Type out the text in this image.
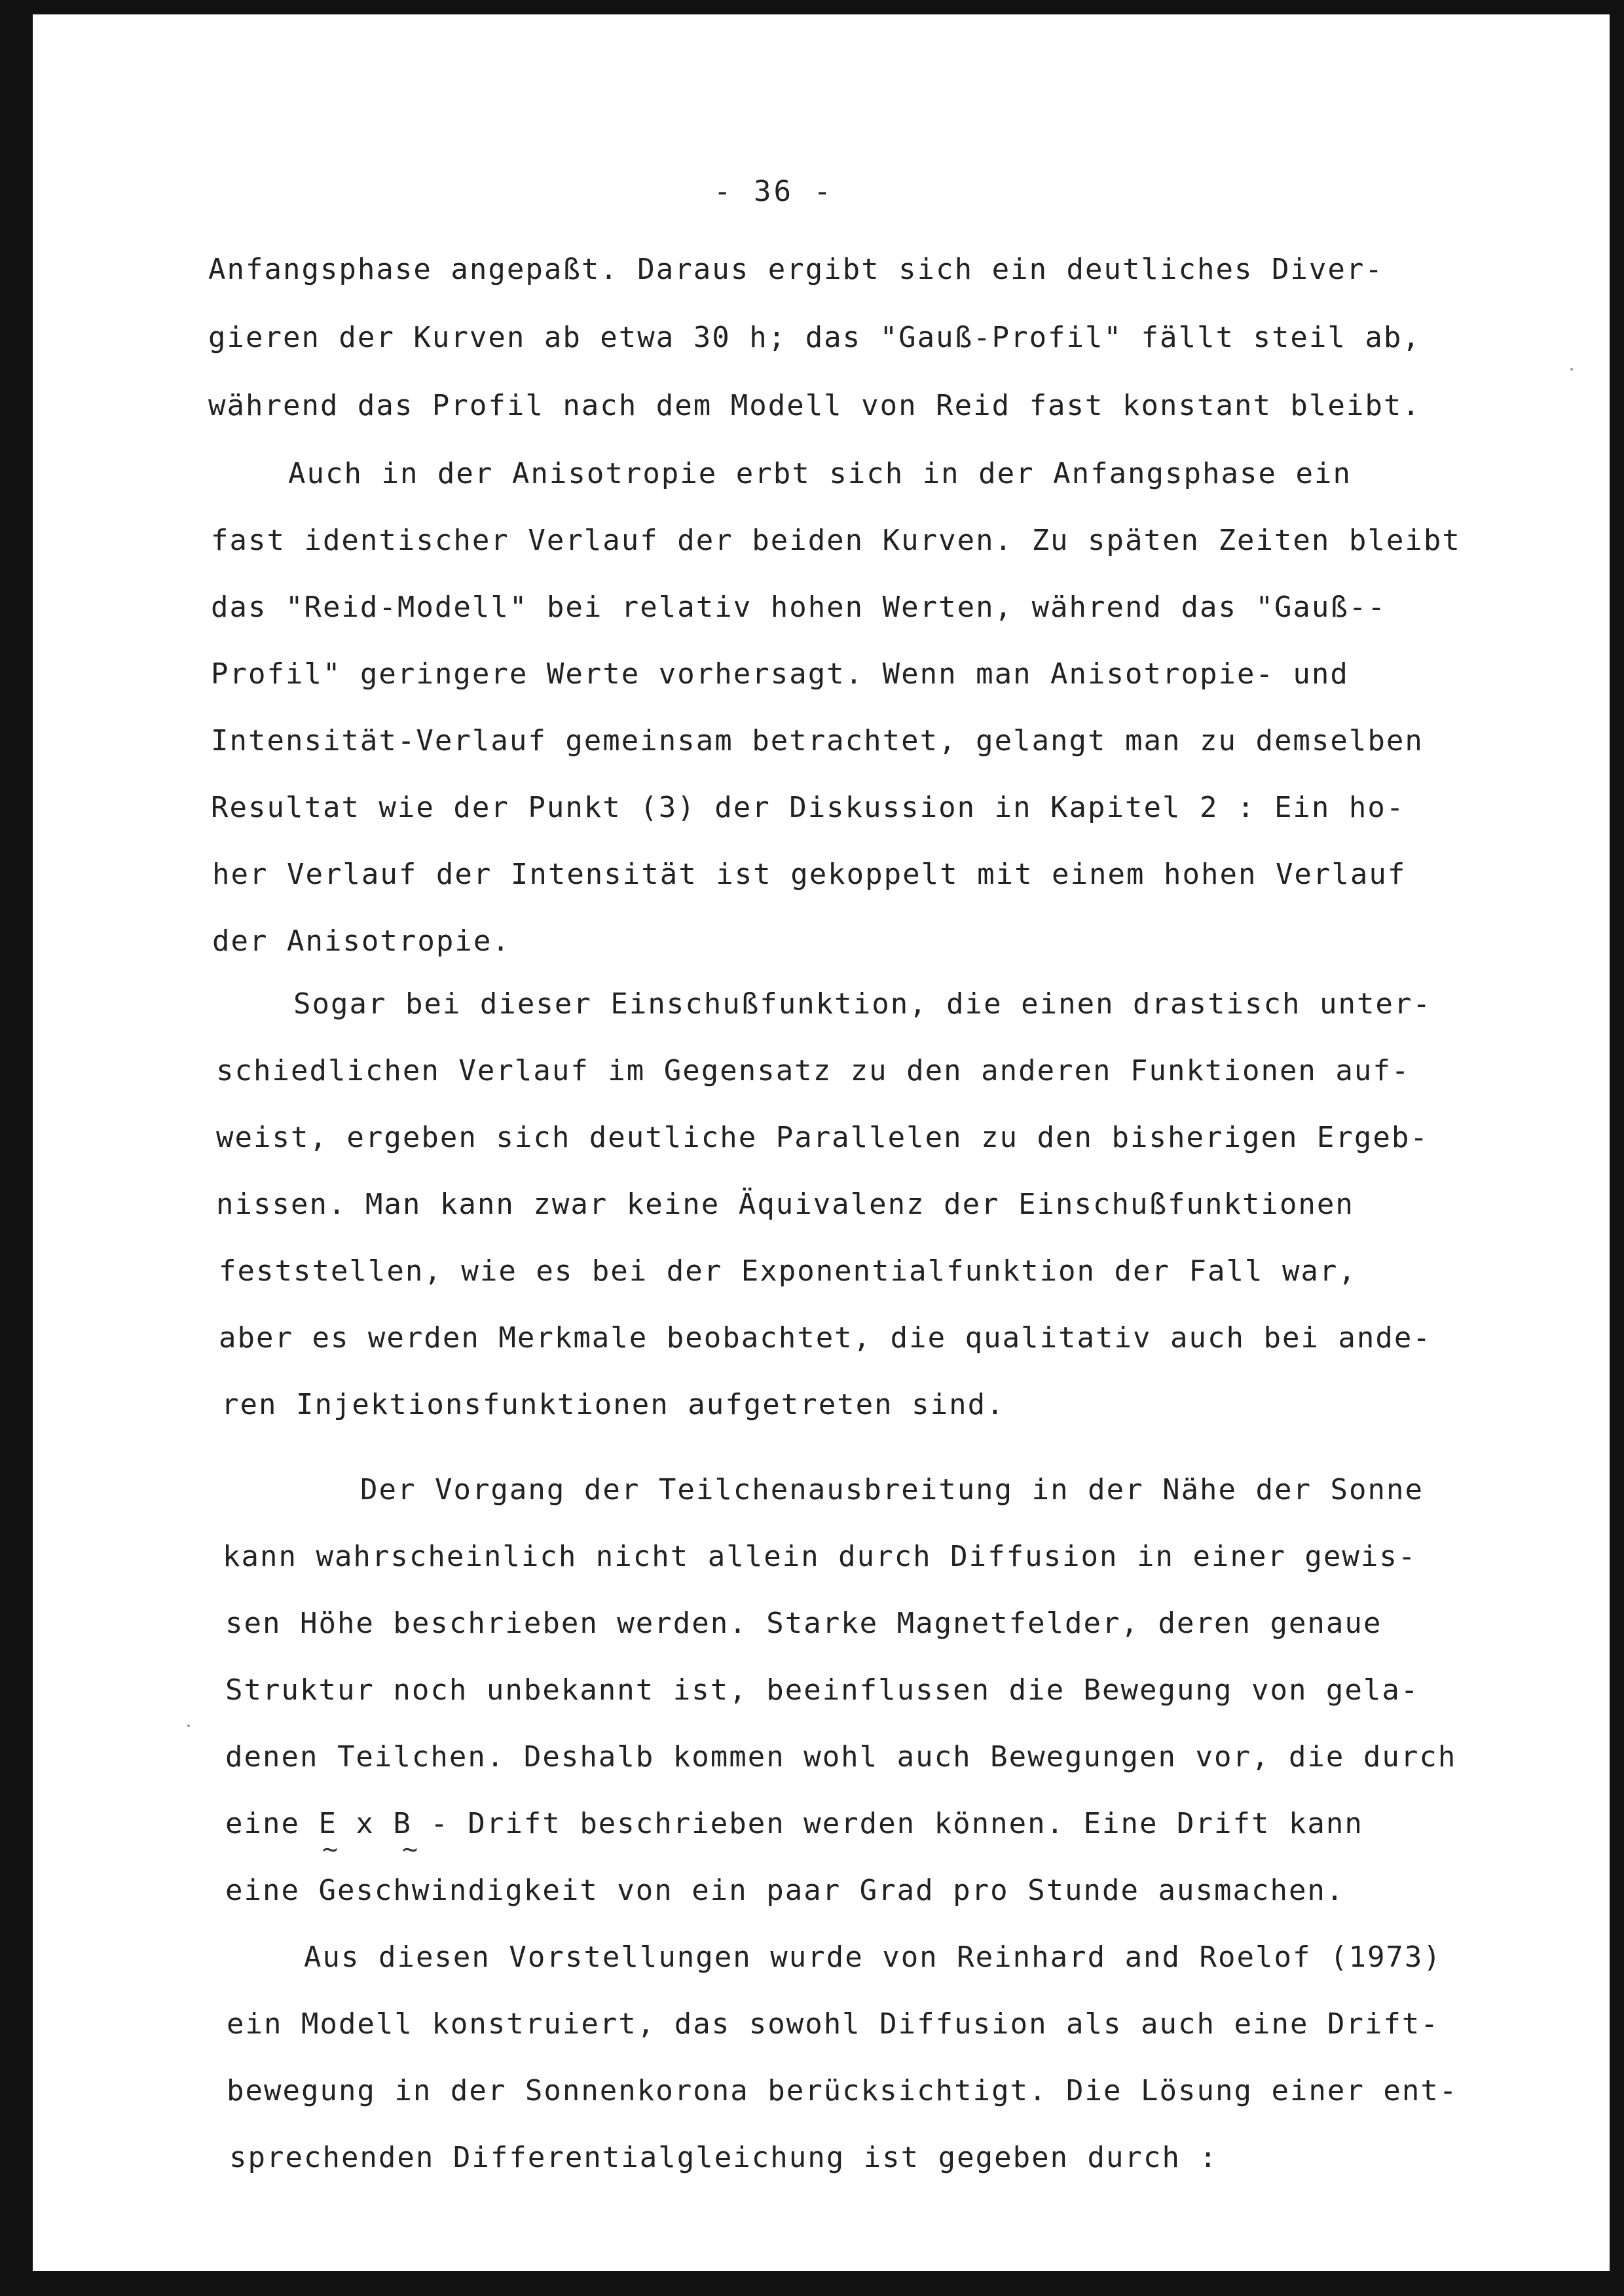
- 36 -
Anfangsphase angepaßt. Daraus ergibt sich ein deutliches Diver-
gieren der Kurven ab etwa 30 h; das "Gauß-Profil" fällt steil ab,
während das Profil nach dem Modell von Reid fast konstant bleibt.
Auch in der Anisotropie erbt sich in der Anfangsphase ein
fast identischer Verlauf der beiden Kurven. Zu späten Zeiten bleibt
das "Reid-Modell" bei relativ hohen Werten, während das "Gauß--
Profil" geringere Werte vorhersagt. Wenn man Anisotropie- und
Intensität-Verlauf gemeinsam betrachtet, gelangt man zu demselben
Resultat wie der Punkt (3) der Diskussion in Kapitel 2 : Ein ho-
her Verlauf der Intensität ist gekoppelt mit einem hohen Verlauf
der Anisotropie.
Sogar bei dieser Einschußfunktion, die einen drastisch unter-
schiedlichen Verlauf im Gegensatz zu den anderen Funktionen auf-
weist, ergeben sich deutliche Parallelen zu den bisherigen Ergeb-
nissen. Man kann zwar keine Äquivalenz der Einschußfunktionen
feststellen, wie es bei der Exponentialfunktion der Fall war,
aber es werden Merkmale beobachtet, die qualitativ auch bei ande-
ren Injektionsfunktionen aufgetreten sind.
Der Vorgang der Teilchenausbreitung in der Nähe der Sonne
kann wahrscheinlich nicht allein durch Diffusion in einer gewis-
sen Höhe beschrieben werden. Starke Magnetfelder, deren genaue
Struktur noch unbekannt ist, beeinflussen die Bewegung von gela-
denen Teilchen. Deshalb kommen wohl auch Bewegungen vor, die durch
eine E x B - Drift beschrieben werden können. Eine Drift kann
~ ~
eine Geschwindigkeit von ein paar Grad pro Stunde ausmachen.
Aus diesen Vorstellungen wurde von Reinhard and Roelof (1973)
ein Modell konstruiert, das sowohl Diffusion als auch eine Drift-
bewegung in der Sonnenkorona berücksichtigt. Die Lösung einer ent-
sprechenden Differentialgleichung ist gegeben durch :
